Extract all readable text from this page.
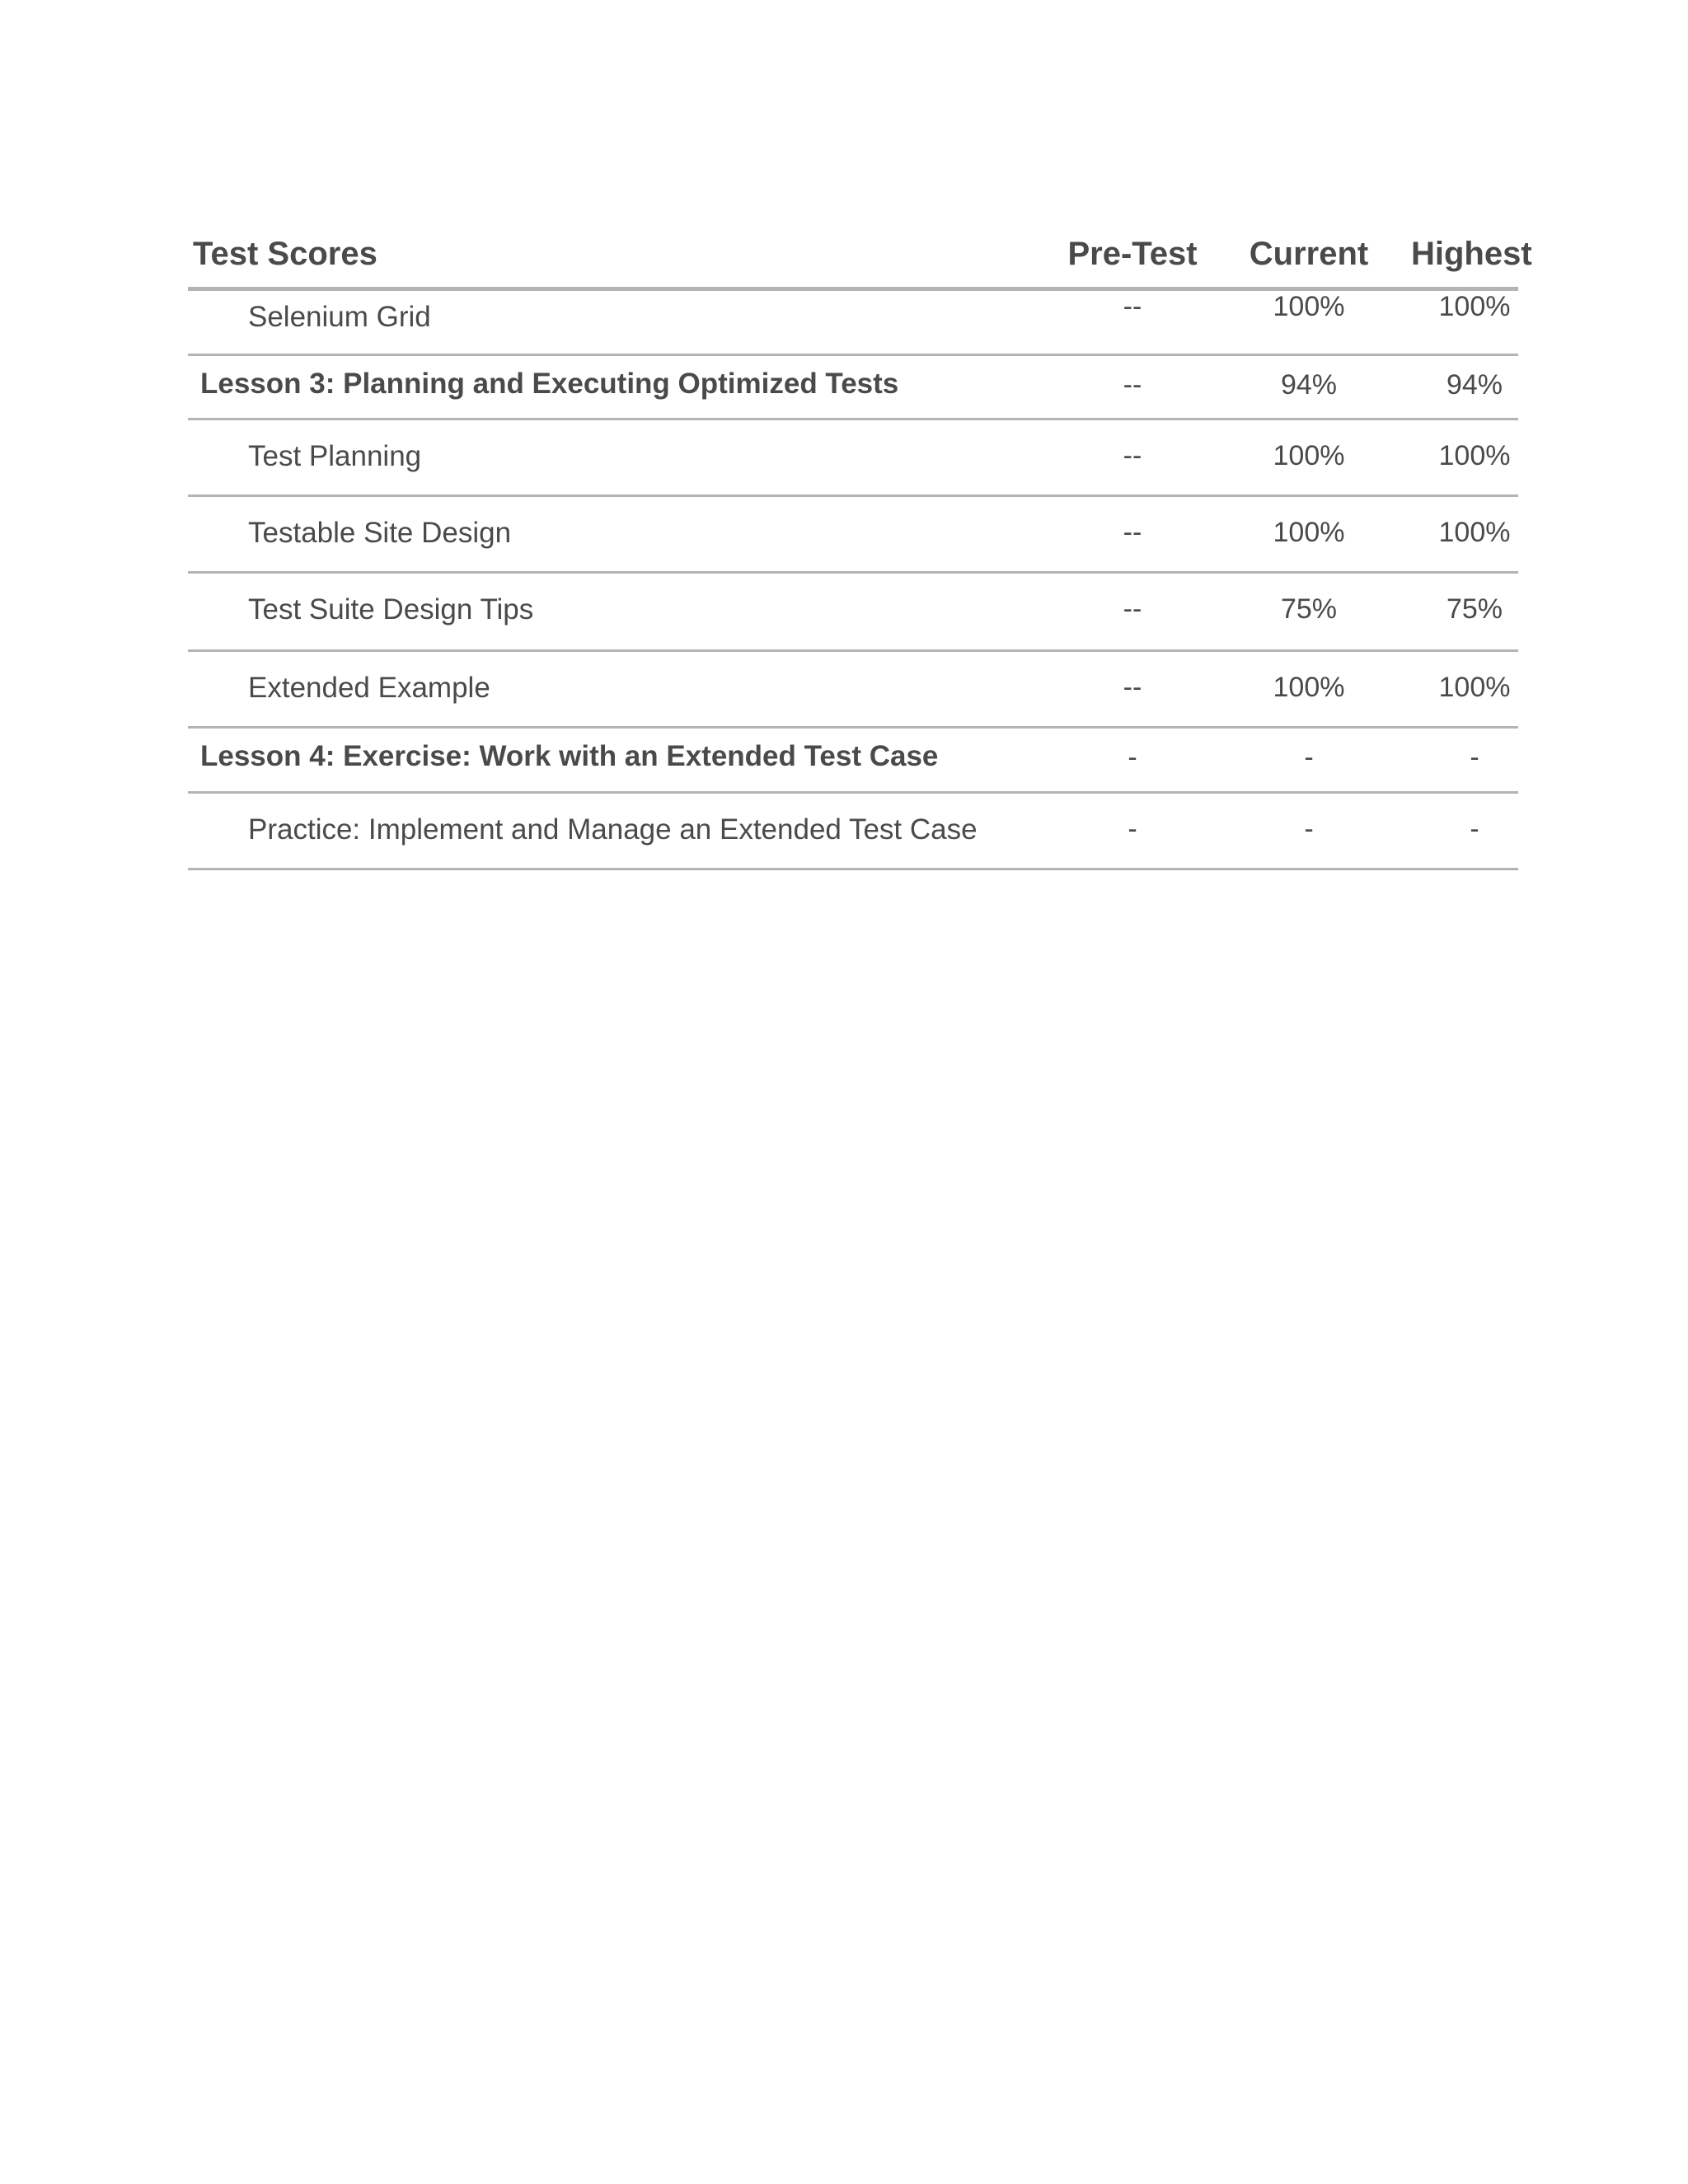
Test Scores	Pre-Test	Current	Highest
Selenium Grid	--	100%	100%
Lesson 3: Planning and Executing Optimized Tests	--	94%	94%
Test Planning	--	100%	100%
Testable Site Design	--	100%	100%
Test Suite Design Tips	--	75%	75%
Extended Example	--	100%	100%
Lesson 4: Exercise: Work with an Extended Test Case	-	-	-
Practice: Implement and Manage an Extended Test Case	-	-	-
